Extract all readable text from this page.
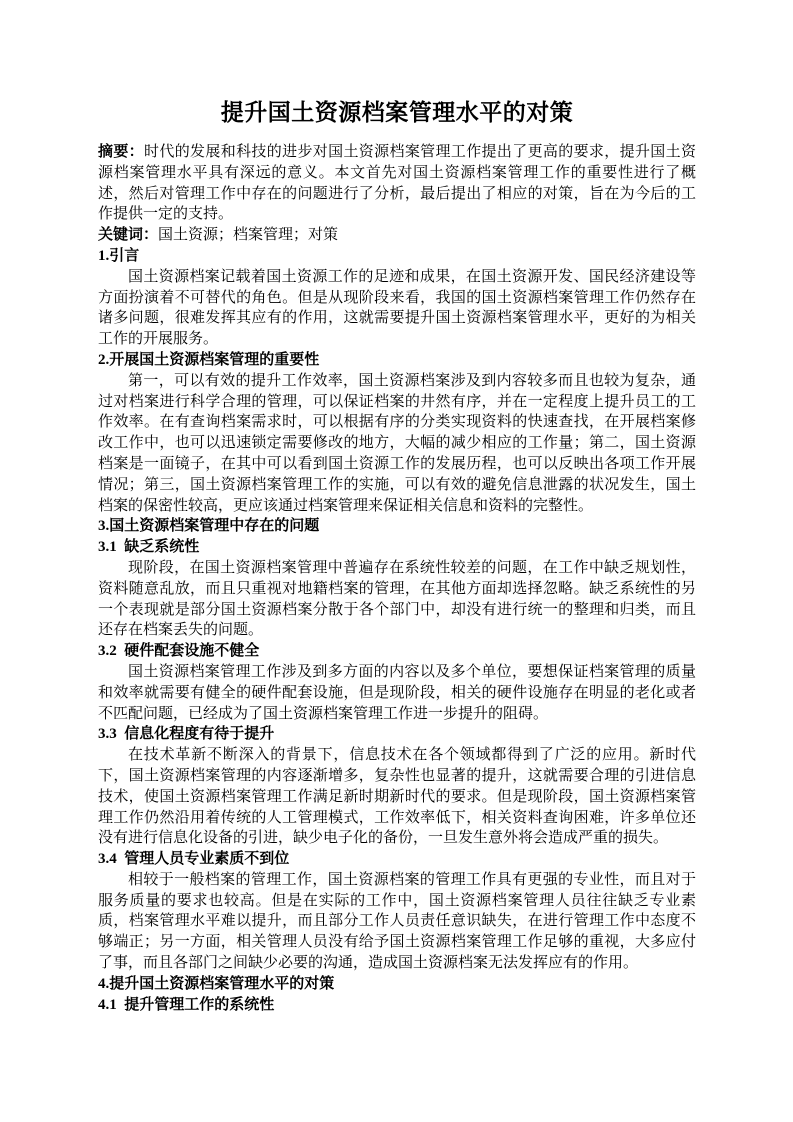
提升国土资源档案管理水平的对策

摘要：时代的发展和科技的进步对国土资源档案管理工作提出了更高的要求，提升国土资源档案管理水平具有深远的意义。本文首先对国土资源档案管理工作的重要性进行了概述，然后对管理工作中存在的问题进行了分析，最后提出了相应的对策，旨在为今后的工作提供一定的支持。

关键词：国土资源；档案管理；对策

1.引言

国土资源档案记载着国土资源工作的足迹和成果，在国土资源开发、国民经济建设等方面扮演着不可替代的角色。但是从现阶段来看，我国的国土资源档案管理工作仍然存在诸多问题，很难发挥其应有的作用，这就需要提升国土资源档案管理水平，更好的为相关工作的开展服务。

2.开展国土资源档案管理的重要性

第一，可以有效的提升工作效率，国土资源档案涉及到内容较多而且也较为复杂，通过对档案进行科学合理的管理，可以保证档案的井然有序，并在一定程度上提升员工的工作效率。在有查询档案需求时，可以根据有序的分类实现资料的快速查找，在开展档案修改工作中，也可以迅速锁定需要修改的地方，大幅的减少相应的工作量；第二，国土资源档案是一面镜子，在其中可以看到国土资源工作的发展历程，也可以反映出各项工作开展情况；第三，国土资源档案管理工作的实施，可以有效的避免信息泄露的状况发生，国土档案的保密性较高，更应该通过档案管理来保证相关信息和资料的完整性。

3.国土资源档案管理中存在的问题
3.1  缺乏系统性

现阶段，在国土资源档案管理中普遍存在系统性较差的问题，在工作中缺乏规划性，资料随意乱放，而且只重视对地籍档案的管理，在其他方面却选择忽略。缺乏系统性的另一个表现就是部分国土资源档案分散于各个部门中，却没有进行统一的整理和归类，而且还存在档案丢失的问题。

3.2  硬件配套设施不健全

国土资源档案管理工作涉及到多方面的内容以及多个单位，要想保证档案管理的质量和效率就需要有健全的硬件配套设施，但是现阶段，相关的硬件设施存在明显的老化或者不匹配问题，已经成为了国土资源档案管理工作进一步提升的阻碍。

3.3  信息化程度有待于提升

在技术革新不断深入的背景下，信息技术在各个领域都得到了广泛的应用。新时代下，国土资源档案管理的内容逐渐增多，复杂性也显著的提升，这就需要合理的引进信息技术，使国土资源档案管理工作满足新时期新时代的要求。但是现阶段，国土资源档案管理工作仍然沿用着传统的人工管理模式，工作效率低下，相关资料查询困难，许多单位还没有进行信息化设备的引进，缺少电子化的备份，一旦发生意外将会造成严重的损失。

3.4  管理人员专业素质不到位

相较于一般档案的管理工作，国土资源档案的管理工作具有更强的专业性，而且对于服务质量的要求也较高。但是在实际的工作中，国土资源档案管理人员往往缺乏专业素质，档案管理水平难以提升，而且部分工作人员责任意识缺失，在进行管理工作中态度不够端正；另一方面，相关管理人员没有给予国土资源档案管理工作足够的重视，大多应付了事，而且各部门之间缺少必要的沟通，造成国土资源档案无法发挥应有的作用。

4.提升国土资源档案管理水平的对策
4.1  提升管理工作的系统性
